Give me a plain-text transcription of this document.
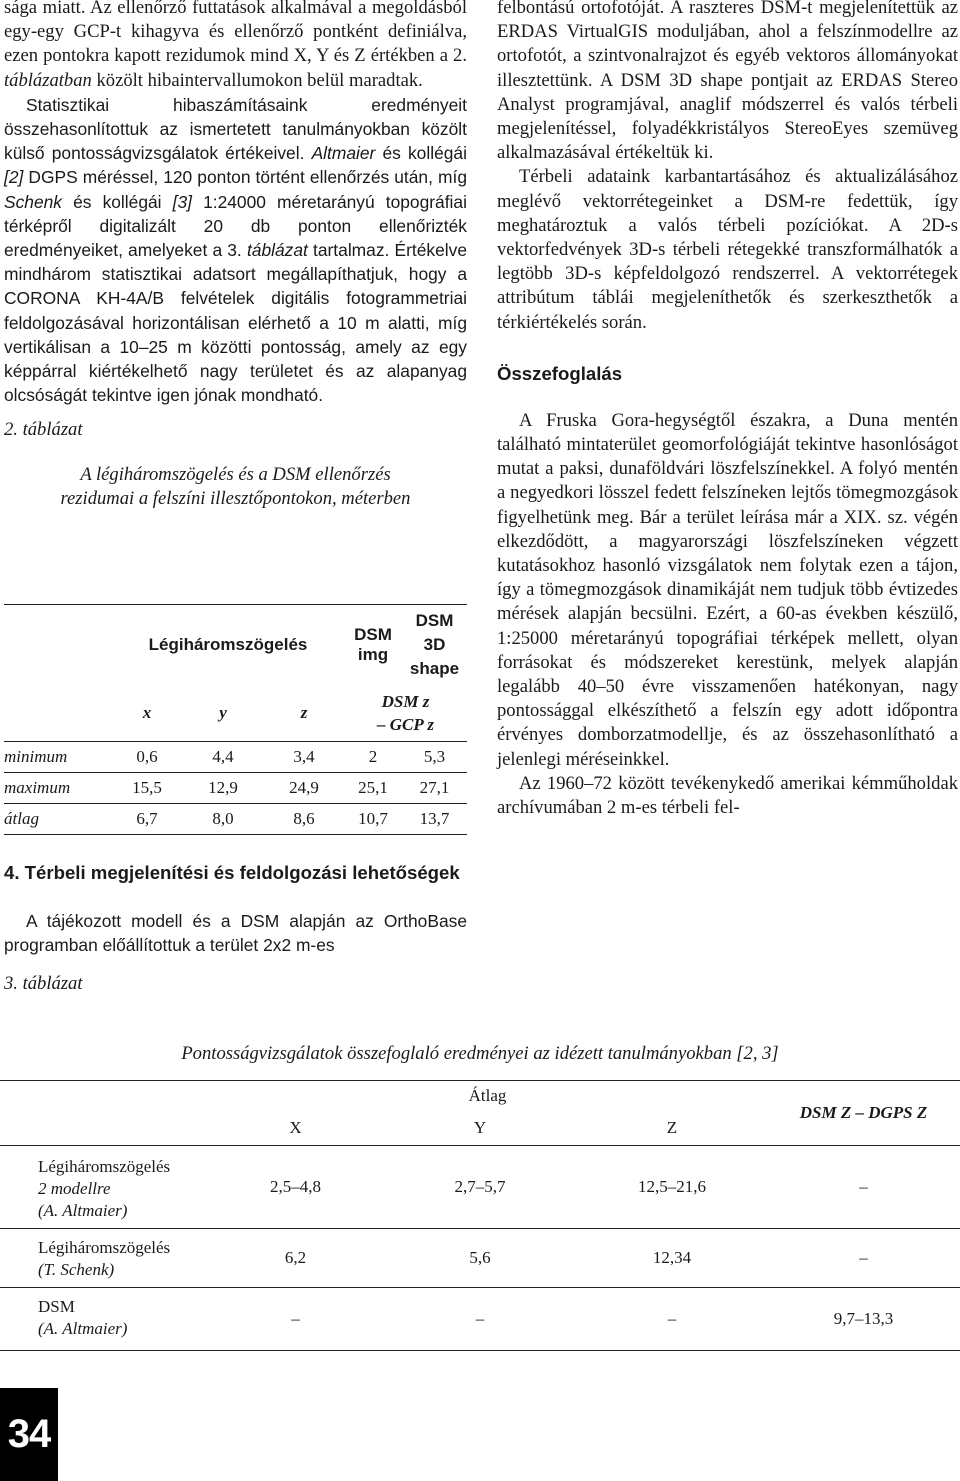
sága miatt. Az ellenőrző futtatások alkalmával a megoldásból egy-egy GCP-t kihagyva és ellenőrző pontként definiálva, ezen pontokra kapott rezidumok mind X, Y és Z értékben a 2. táblázatban közölt hibaintervallumokon belül maradtak.

Statisztikai hibaszámításaink eredményeit összehasonlítottuk az ismertetett tanulmányokban közölt külső pontosságvizsgálatok értékeivel. Altmaier és kollégái [2] DGPS méréssel, 120 ponton történt ellenőrzés után, míg Schenk és kollégái [3] 1:24000 méretarányú topográfiai térképről digitalizált 20 db ponton ellenőrizték eredményeiket, amelyeket a 3. táblázat tartalmaz. Értékelve mindhárom statisztikai adatsort megállapíthatjuk, hogy a CORONA KH-4A/B felvételek digitális fotogrammetriai feldolgozásával horizontálisan elérhető a 10 m alatti, míg vertikálisan a 10–25 m közötti pontosság, amely az egy képpárral kiértékelhető nagy területet és az alapanyag olcsóságát tekintve igen jónak mondható.

2. táblázat

A légiháromszögelés és a DSM ellenőrzés
rezidumai a felszíni illesztőpontokon, méterben

	Légiháromszögelés			DSM
img	DSM
3D
shape

	x	y	z	DSM z
– GCP z	
minimum	0,6	4,4	3,4	2	5,3
maximum	15,5	12,9	24,9	25,1	27,1
átlag	6,7	8,0	8,6	10,7	13,7

4. Térbeli megjelenítési és feldolgozási lehetőségek

A tájékozott modell és a DSM alapján az OrthoBase programban előállítottuk a terület 2x2 m-es

3. táblázat

felbontású ortofotóját. A raszteres DSM-t megjelenítettük az ERDAS VirtualGIS moduljában, ahol a felszínmodellre az ortofotót, a szintvonalrajzot és egyéb vektoros állományokat illesztettünk. A DSM 3D shape pontjait az ERDAS Stereo Analyst programjával, anaglif módszerrel és valós térbeli megjelenítéssel, folyadékkristályos StereoEyes szemüveg alkalmazásával értékeltük ki.

Térbeli adataink karbantartásához és aktualizálásához meglévő vektorrétegeinket a DSM-re fedettük, így meghatároztuk a valós térbeli pozíciókat. A 2D-s vektorfedvények 3D-s térbeli rétegekké transzformálhatók a legtöbb 3D-s képfeldolgozó rendszerrel. A vektorrétegek attribútum táblái megjeleníthetők és szerkeszthetők a térkiértékelés során.

Összefoglalás

A Fruska Gora-hegységtől északra, a Duna mentén található mintaterület geomorfológiáját tekintve hasonlóságot mutat a paksi, dunaföldvári löszfelszínekkel. A folyó mentén a negyedkori lösszel fedett felszíneken lejtős tömegmozgások figyelhetünk meg. Bár a terület leírása már a XIX. sz. végén elkezdődött, a magyarországi löszfelszíneken végzett kutatásokhoz hasonló vizsgálatok nem folytak ezen a tájon, így a tömegmozgások dinamikáját nem tudjuk több évtizedes mérések alapján becsülni. Ezért, a 60-as években készülő, 1:25000 méretarányú topográfiai térképek mellett, olyan forrásokat és módszereket kerestünk, melyek alapján legalább 40–50 évre visszamenően hatékonyan, nagy pontossággal elkészíthető a felszín egy adott időpontra érvényes domborzatmodellje, és az összehasonlítható a jelenlegi méréseinkkel.

Az 1960–72 között tevékenykedő amerikai kémműholdak archívumában 2 m-es térbeli fel-

Pontosságvizsgálatok összefoglaló eredményei az idézett tanulmányokban [2, 3]

	Átlag			DSM Z – DGPS Z
	X	Y	Z	
Légiháromszögelés
2 modellre
(A. Altmaier)	2,5–4,8	2,7–5,7	12,5–21,6	–
Légiháromszögelés
(T. Schenk)	6,2	5,6	12,34	–
DSM
(A. Altmaier)	–	–	–	9,7–13,3
34
